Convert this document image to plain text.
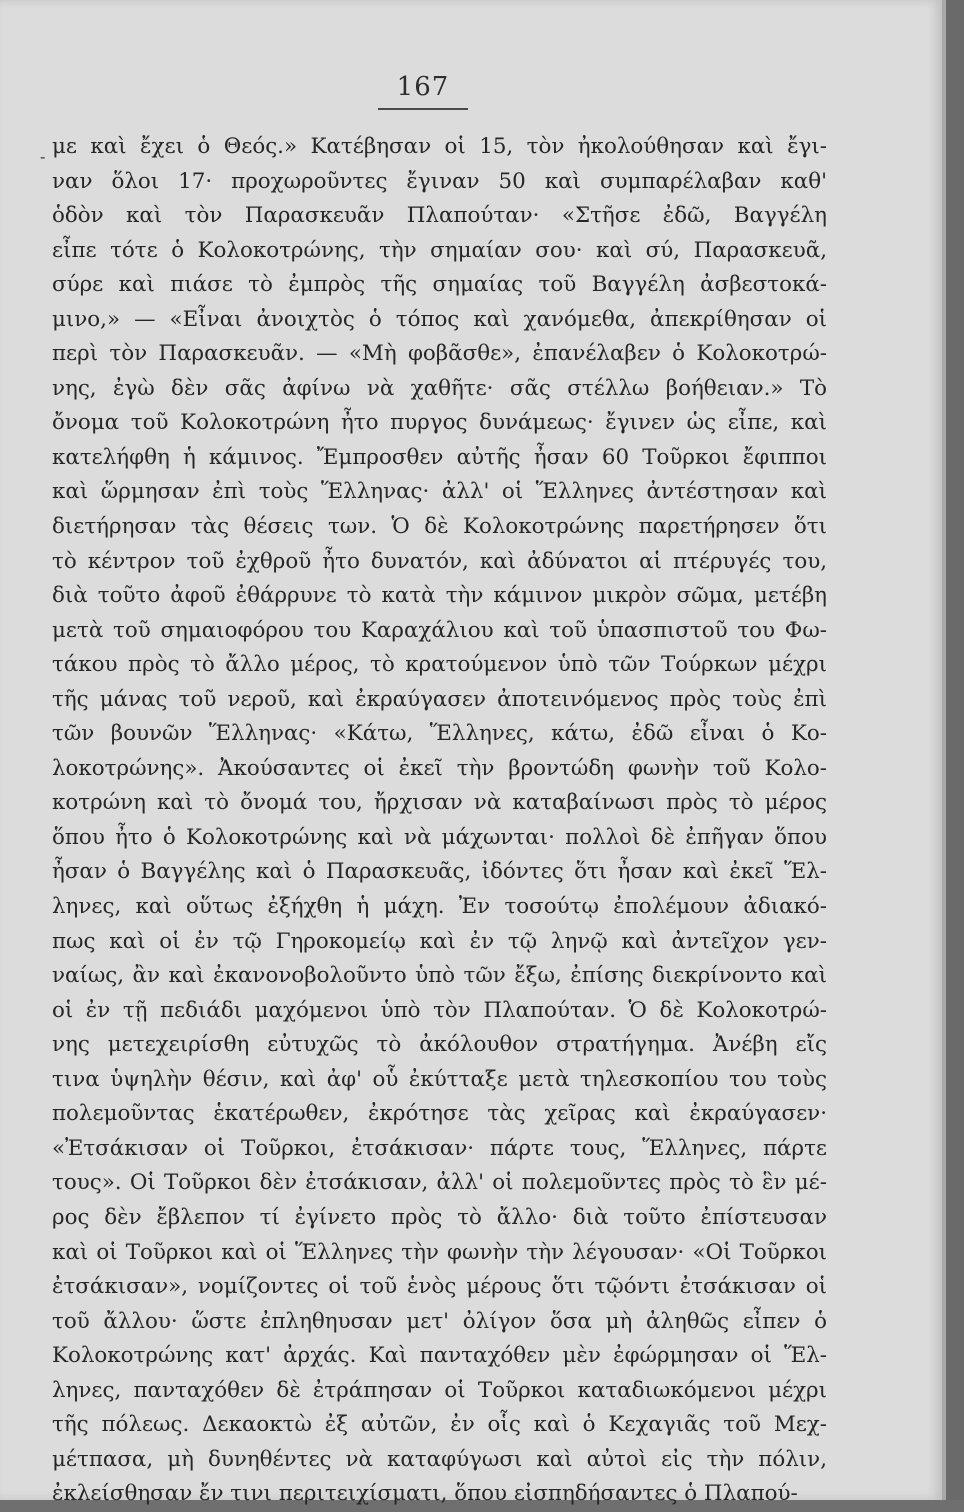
167
- με καὶ ἔχει ὁ Θεός.» Κατέβησαν οἱ 15, τὸν ἠκολούθησαν καὶ ἔγι-
ναν ὅλοι 17· προχωροῦντες ἔγιναν 50 καὶ συμπαρέλαβαν καθ'
ὁδὸν καὶ τὸν Παρασκευᾶν Πλαπούταν· «Στῆσε ἐδῶ, Βαγγέλη
εἶπε τότε ὁ Κολοκοτρώνης, τὴν σημαίαν σου· καὶ σύ, Παρασκευᾶ,
σύρε καὶ πιάσε τὸ ἐμπρὸς τῆς σημαίας τοῦ Βαγγέλη ἀσβεστοκά-
μινο,» — «Εἶναι ἀνοιχτὸς ὁ τόπος καὶ χανόμεθα, ἀπεκρίθησαν οἱ
περὶ τὸν Παρασκευᾶν. — «Μὴ φοβᾶσθε», ἐπανέλαβεν ὁ Κολοκοτρώ-
νης, ἐγὼ δὲν σᾶς ἀφίνω νὰ χαθῆτε· σᾶς στέλλω βοήθειαν.» Τὸ
ὄνομα τοῦ Κολοκοτρώνη ἦτο πυργος δυνάμεως· ἔγινεν ὡς εἶπε, καὶ
κατελήφθη ἡ κάμινος. Ἔμπροσθεν αὐτῆς ἦσαν 60 Τοῦρκοι ἔφιπποι
καὶ ὥρμησαν ἐπὶ τοὺς Ἕλληνας· ἀλλ' οἱ Ἕλληνες ἀντέστησαν καὶ
διετήρησαν τὰς θέσεις των. Ὁ δὲ Κολοκοτρώνης παρετήρησεν ὅτι
τὸ κέντρον τοῦ ἐχθροῦ ἦτο δυνατόν, καὶ ἀδύνατοι αἱ πτέρυγές του,
διὰ τοῦτο ἀφοῦ ἐθάρρυνε τὸ κατὰ τὴν κάμινον μικρὸν σῶμα, μετέβη
μετὰ τοῦ σημαιοφόρου του Καραχάλιου καὶ τοῦ ὑπασπιστοῦ του Φω-
τάκου πρὸς τὸ ἄλλο μέρος, τὸ κρατούμενον ὑπὸ τῶν Τούρκων μέχρι
τῆς μάνας τοῦ νεροῦ, καὶ ἐκραύγασεν ἀποτεινόμενος πρὸς τοὺς ἐπὶ
τῶν βουνῶν Ἕλληνας· «Κάτω, Ἕλληνες, κάτω, ἐδῶ εἶναι ὁ Κο-
λοκοτρώνης». Ἀκούσαντες οἱ ἐκεῖ τὴν βροντώδη φωνὴν τοῦ Κολο-
κοτρώνη καὶ τὸ ὄνομά του, ἤρχισαν νὰ καταβαίνωσι πρὸς τὸ μέρος
ὅπου ἦτο ὁ Κολοκοτρώνης καὶ νὰ μάχωνται· πολλοὶ δὲ ἐπῆγαν ὅπου
ἦσαν ὁ Βαγγέλης καὶ ὁ Παρασκευᾶς, ἰδόντες ὅτι ἦσαν καὶ ἐκεῖ Ἕλ-
ληνες, καὶ οὕτως ἐξήχθη ἡ μάχη. Ἐν τοσούτῳ ἐπολέμουν ἀδιακό-
πως καὶ οἱ ἐν τῷ Γηροκομείῳ καὶ ἐν τῷ ληνῷ καὶ ἀντεῖχον γεν-
ναίως, ἂν καὶ ἐκανονοβολοῦντο ὑπὸ τῶν ἔξω, ἐπίσης διεκρίνοντο καὶ
οἱ ἐν τῇ πεδιάδι μαχόμενοι ὑπὸ τὸν Πλαπούταν. Ὁ δὲ Κολοκοτρώ-
νης μετεχειρίσθη εὐτυχῶς τὸ ἀκόλουθον στρατήγημα. Ἀνέβη εἴς
τινα ὑψηλὴν θέσιν, καὶ ἀφ' οὗ ἐκύτταξε μετὰ τηλεσκοπίου του τοὺς
πολεμοῦντας ἑκατέρωθεν, ἐκρότησε τὰς χεῖρας καὶ ἐκραύγασεν·
«Ἐτσάκισαν οἱ Τοῦρκοι, ἐτσάκισαν· πάρτε τους, Ἕλληνες, πάρτε
τους». Οἱ Τοῦρκοι δὲν ἐτσάκισαν, ἀλλ' οἱ πολεμοῦντες πρὸς τὸ ἓν μέ-
ρος δὲν ἔβλεπον τί ἐγίνετο πρὸς τὸ ἄλλο· διὰ τοῦτο ἐπίστευσαν
καὶ οἱ Τοῦρκοι καὶ οἱ Ἕλληνες τὴν φωνὴν τὴν λέγουσαν· «Οἱ Τοῦρκοι
ἐτσάκισαν», νομίζοντες οἱ τοῦ ἑνὸς μέρους ὅτι τῷόντι ἐτσάκισαν οἱ
τοῦ ἄλλου· ὥστε ἐπληθηυσαν μετ' ὀλίγον ὅσα μὴ ἀληθῶς εἶπεν ὁ
Κολοκοτρώνης κατ' ἀρχάς. Καὶ πανταχόθεν μὲν ἐφώρμησαν οἱ Ἕλ-
ληνες, πανταχόθεν δὲ ἐτράπησαν οἱ Τοῦρκοι καταδιωκόμενοι μέχρι
τῆς πόλεως. Δεκαοκτὼ ἐξ αὐτῶν, ἐν οἷς καὶ ὁ Κεχαγιᾶς τοῦ Μεχ-
μέτπασα, μὴ δυνηθέντες νὰ καταφύγωσι καὶ αὐτοὶ εἰς τὴν πόλιν,
ἐκλείσθησαν ἔν τινι περιτειχίσματι, ὅπου εἰσπηδήσαντες ὁ Πλαπού-
